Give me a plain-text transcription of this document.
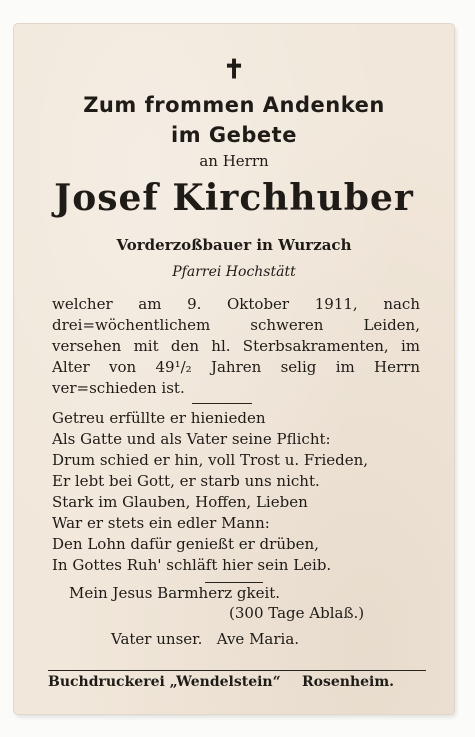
✝
Zum frommen Andenken
im Gebete
an Herrn
Josef Kirchhuber
Vorderzoßbauer in Wurzach
Pfarrei Hochstätt
welcher am 9. Oktober 1911, nach drei=wöchentlichem schweren Leiden, versehen mit den hl. Sterbsakramenten, im Alter von 49¹/₂ Jahren selig im Herrn ver=schieden ist.
Getreu erfüllte er hienieden
Als Gatte und als Vater seine Pflicht:
Drum schied er hin, voll Trost u. Frieden,
Er lebt bei Gott, er starb uns nicht.
Stark im Glauben, Hoffen, Lieben
War er stets ein edler Mann:
Den Lohn dafür genießt er drüben,
In Gottes Ruh' schläft hier sein Leib.
Mein Jesus Barmherz gkeit.
(300 Tage Ablaß.)
Vater unser.   Ave Maria.
Buchdruckerei „Wendelstein“ Rosenheim.
